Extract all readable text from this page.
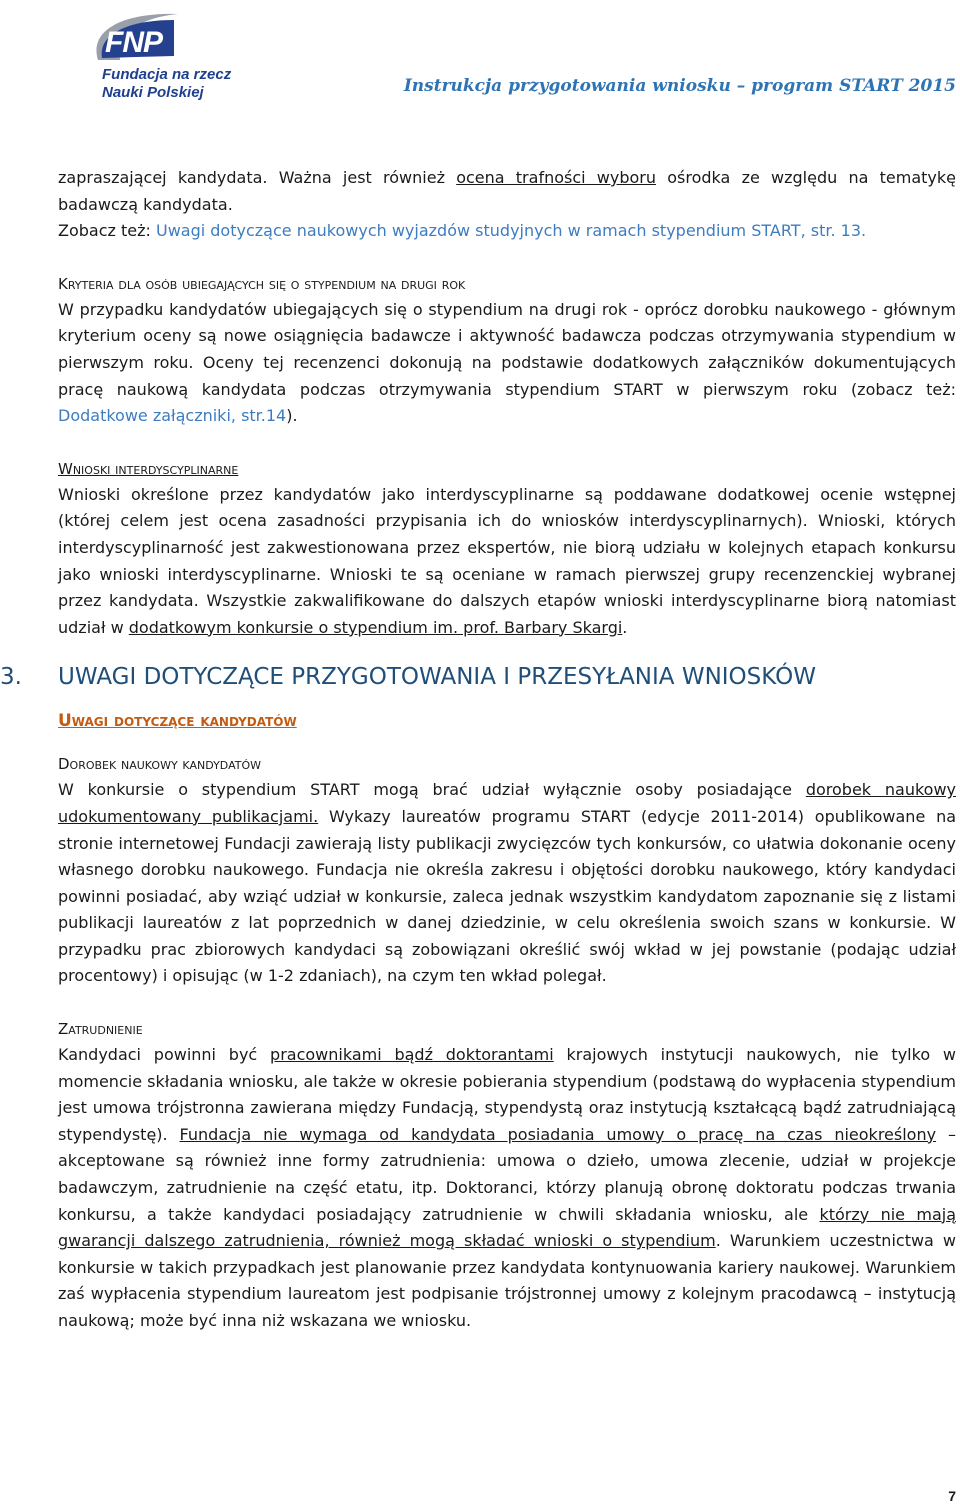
FNP
Fundacja na rzecz
Nauki Polskiej	Instrukcja przygotowania wniosku – program START 2015

zapraszającej kandydata. Ważna jest również ocena trafności wyboru ośrodka ze względu na tematykę badawczą kandydata.

Zobacz też: Uwagi dotyczące naukowych wyjazdów studyjnych w ramach stypendium START, str. 13.

Kryteria dla osób ubiegających się o stypendium na drugi rok

W przypadku kandydatów ubiegających się o stypendium na drugi rok - oprócz dorobku naukowego - głównym kryterium oceny są nowe osiągnięcia badawcze i aktywność badawcza podczas otrzymywania stypendium w pierwszym roku. Oceny tej recenzenci dokonują na podstawie dodatkowych załączników dokumentujących pracę naukową kandydata podczas otrzymywania stypendium START w pierwszym roku (zobacz też: Dodatkowe załączniki, str.14).

Wnioski interdyscyplinarne

Wnioski określone przez kandydatów jako interdyscyplinarne są poddawane dodatkowej ocenie wstępnej (której celem jest ocena zasadności przypisania ich do wniosków interdyscyplinarnych). Wnioski, których interdyscyplinarność jest zakwestionowana przez ekspertów, nie biorą udziału w kolejnych etapach konkursu jako wnioski interdyscyplinarne. Wnioski te są oceniane w ramach pierwszej grupy recenzenckiej wybranej przez kandydata. Wszystkie zakwalifikowane do dalszych etapów wnioski interdyscyplinarne biorą natomiast udział w dodatkowym konkursie o stypendium im. prof. Barbary Skargi.

3. UWAGI DOTYCZĄCE PRZYGOTOWANIA I PRZESYŁANIA WNIOSKÓW
Uwagi dotyczące kandydatów
Dorobek naukowy kandydatów

W konkursie o stypendium START mogą brać udział wyłącznie osoby posiadające dorobek naukowy udokumentowany publikacjami. Wykazy laureatów programu START (edycje 2011-2014) opublikowane na stronie internetowej Fundacji zawierają listy publikacji zwycięzców tych konkursów, co ułatwia dokonanie oceny własnego dorobku naukowego. Fundacja nie określa zakresu i objętości dorobku naukowego, który kandydaci powinni posiadać, aby wziąć udział w konkursie, zaleca jednak wszystkim kandydatom zapoznanie się z listami publikacji laureatów z lat poprzednich w danej dziedzinie, w celu określenia swoich szans w konkursie. W przypadku prac zbiorowych kandydaci są zobowiązani określić swój wkład w jej powstanie (podając udział procentowy) i opisując (w 1-2 zdaniach), na czym ten wkład polegał.

Zatrudnienie

Kandydaci powinni być pracownikami bądź doktorantami krajowych instytucji naukowych, nie tylko w momencie składania wniosku, ale także w okresie pobierania stypendium (podstawą do wypłacenia stypendium jest umowa trójstronna zawierana między Fundacją, stypendystą oraz instytucją kształcącą bądź zatrudniającą stypendystę). Fundacja nie wymaga od kandydata posiadania umowy o pracę na czas nieokreślony – akceptowane są również inne formy zatrudnienia: umowa o dzieło, umowa zlecenie, udział w projekcje badawczym, zatrudnienie na część etatu, itp. Doktoranci, którzy planują obronę doktoratu podczas trwania konkursu, a także kandydaci posiadający zatrudnienie w chwili składania wniosku, ale którzy nie mają gwarancji dalszego zatrudnienia, również mogą składać wnioski o stypendium. Warunkiem uczestnictwa w konkursie w takich przypadkach jest planowanie przez kandydata kontynuowania kariery naukowej. Warunkiem zaś wypłacenia stypendium laureatom jest podpisanie trójstronnej umowy z kolejnym pracodawcą – instytucją naukową; może być inna niż wskazana we wniosku.

7
